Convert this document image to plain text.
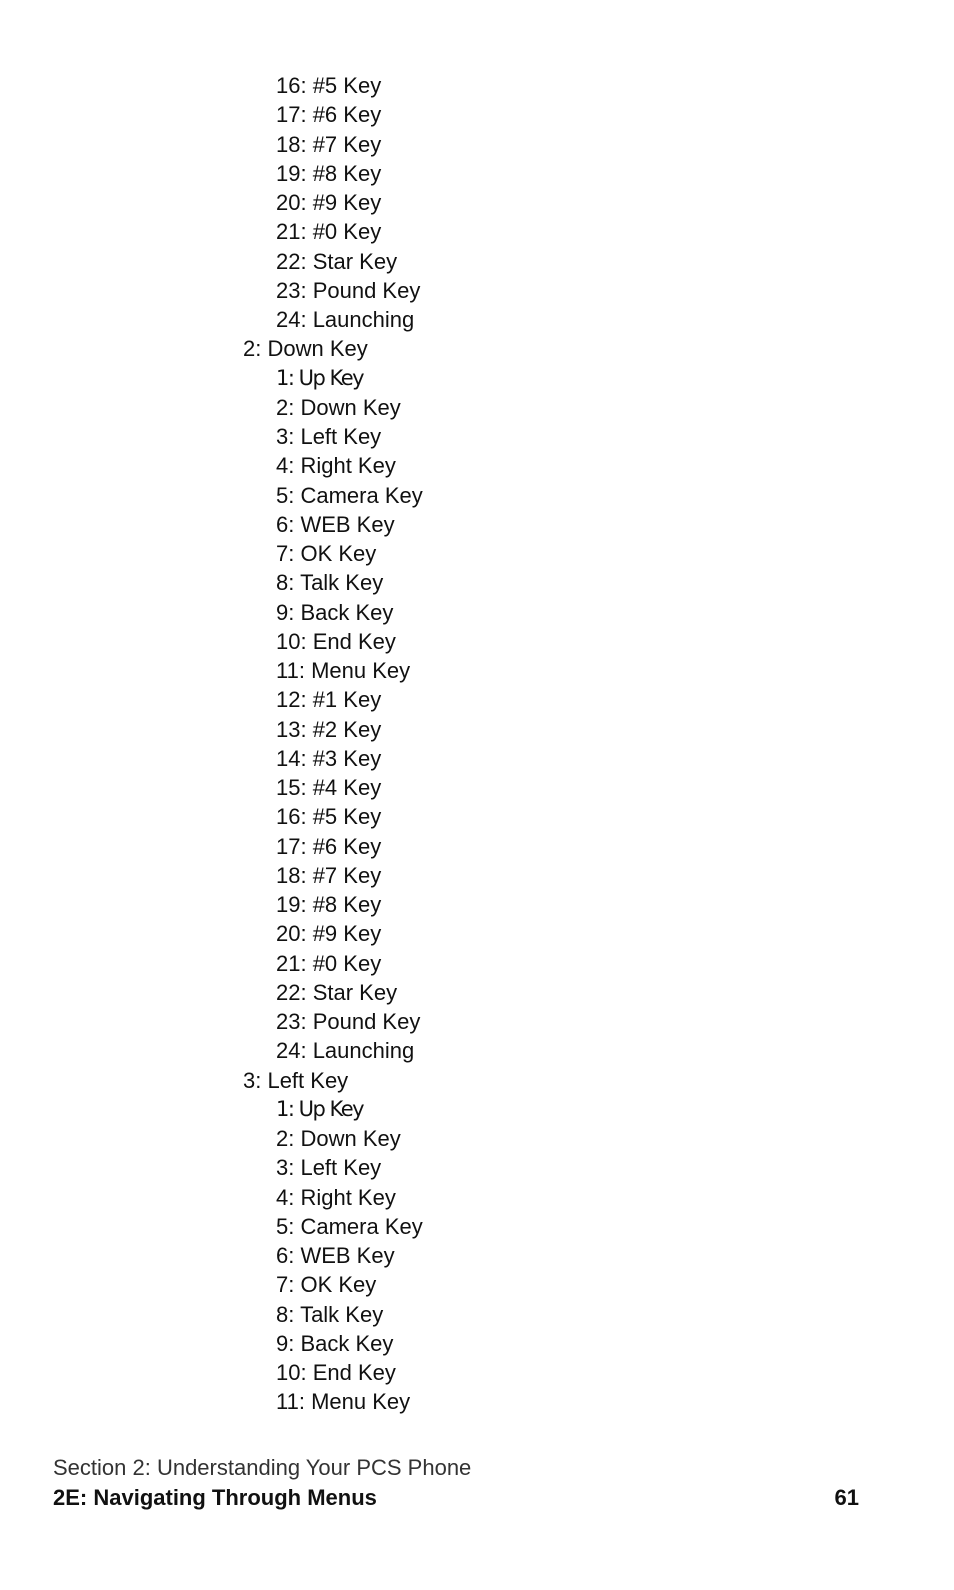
16: #5 Key
17: #6 Key
18: #7 Key
19: #8 Key
20: #9 Key
21: #0 Key
22: Star Key
23: Pound Key
24: Launching
2: Down Key
1: Up Key
2: Down Key
3: Left Key
4: Right Key
5: Camera Key
6: WEB Key
7: OK Key
8: Talk Key
9: Back Key
10: End Key
11: Menu Key
12: #1 Key
13: #2 Key
14: #3 Key
15: #4 Key
16: #5 Key
17: #6 Key
18: #7 Key
19: #8 Key
20: #9 Key
21: #0 Key
22: Star Key
23: Pound Key
24: Launching
3: Left Key
1: Up Key
2: Down Key
3: Left Key
4: Right Key
5: Camera Key
6: WEB Key
7: OK Key
8: Talk Key
9: Back Key
10: End Key
11: Menu Key
Section 2: Understanding Your PCS Phone
2E: Navigating Through Menus	61
